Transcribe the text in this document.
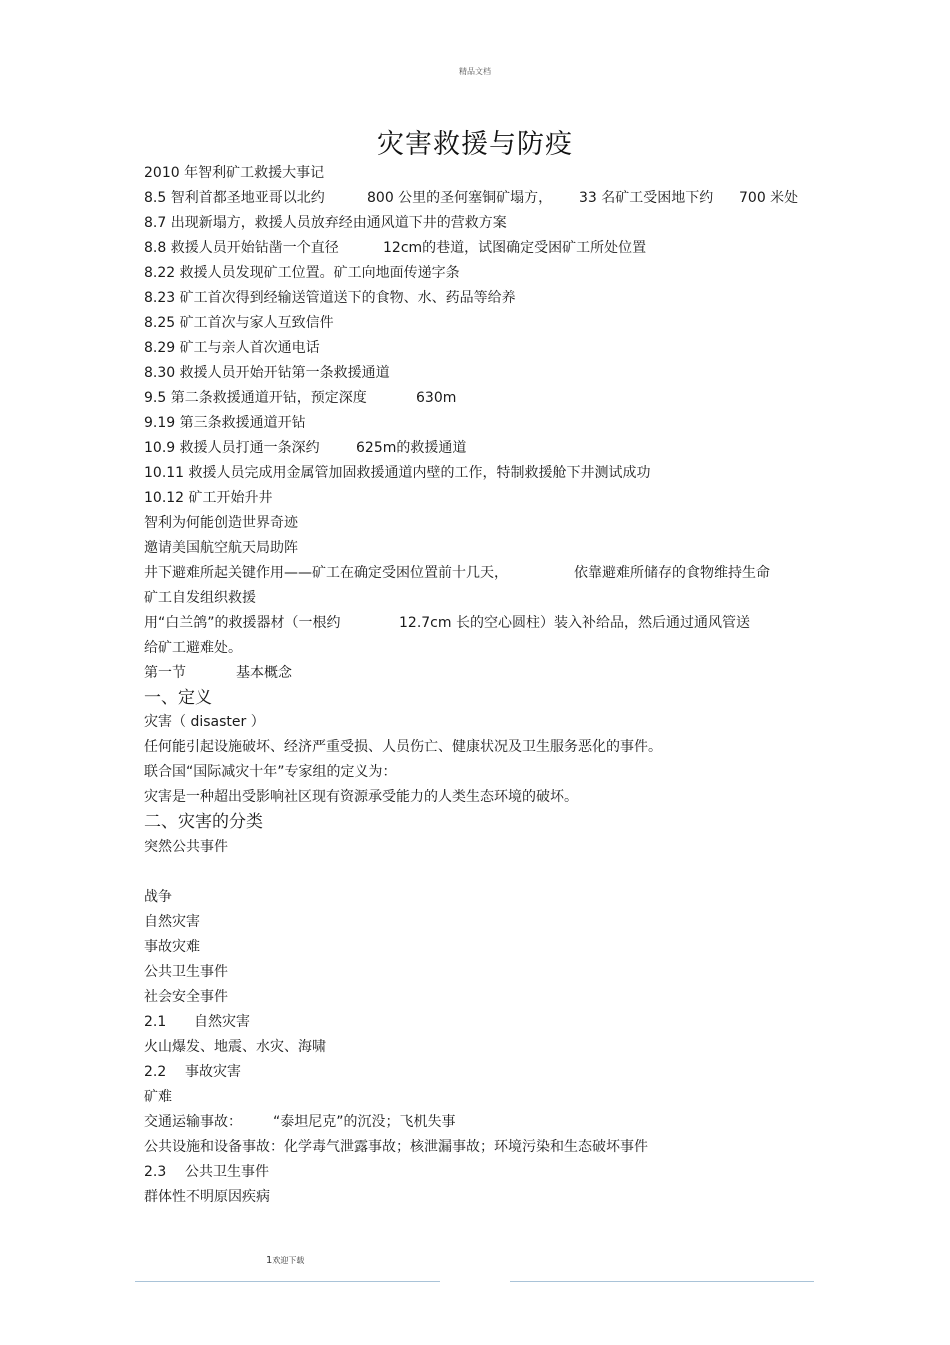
精品文档
灾害救援与防疫
2010 年智利矿工救援大事记
8.5 智利首都圣地亚哥以北约	800 公里的圣何塞铜矿塌方， 33 名矿工受困地下约 700 米处
8.7 出现新塌方，救援人员放弃经由通风道下井的营救方案
8.8 救援人员开始钻凿一个直径	12cm的巷道，试图确定受困矿工所处位置
8.22 救援人员发现矿工位置。矿工向地面传递字条
8.23 矿工首次得到经输送管道送下的食物、水、药品等给养
8.25 矿工首次与家人互致信件
8.29 矿工与亲人首次通电话
8.30 救援人员开始开钻第一条救援通道
9.5 第二条救援通道开钻，预定深度	630m
9.19 第三条救援通道开钻
10.9 救援人员打通一条深约	625m的救援通道
10.11 救援人员完成用金属管加固救援通道内壁的工作，特制救援舱下井测试成功
10.12 矿工开始升井
智利为何能创造世界奇迹
邀请美国航空航天局助阵
井下避难所起关键作用——矿工在确定受困位置前十几天，	依靠避难所储存的食物维持生命
矿工自发组织救援
用“白兰鸽”的救援器材（一根约	12.7cm 长的空心圆柱）装入补给品，然后通过通风管送
给矿工避难处。
第一节	基本概念
一、定义
灾害（ disaster ）
任何能引起设施破坏、经济严重受损、人员伤亡、健康状况及卫生服务恶化的事件。
联合国“国际减灾十年”专家组的定义为：
灾害是一种超出受影响社区现有资源承受能力的人类生态环境的破坏。
二、灾害的分类
突然公共事件
战争
自然灾害
事故灾难
公共卫生事件
社会安全事件
2.1 自然灾害
火山爆发、地震、水灾、海啸
2.2 事故灾害
矿难
交通运输事故： “泰坦尼克”的沉没；飞机失事
公共设施和设备事故：化学毒气泄露事故；核泄漏事故；环境污染和生态破坏事件
2.3 公共卫生事件
群体性不明原因疾病
1欢迎下载
